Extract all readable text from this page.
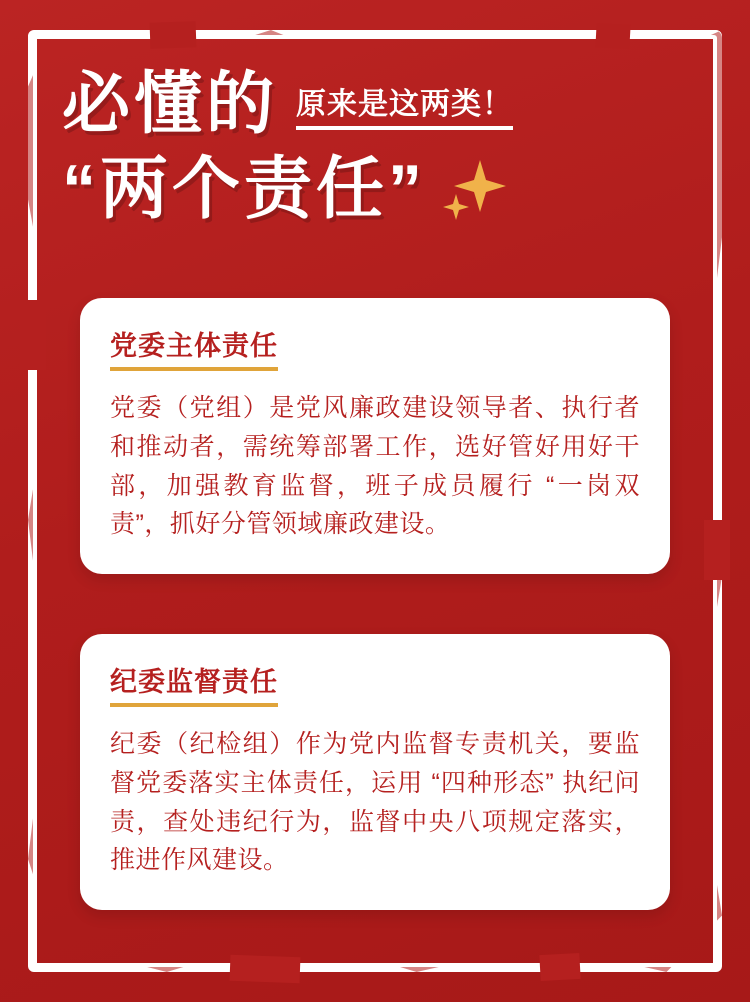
必懂的 原来是这两类！
“两个责任”
党委主体责任
党委（党组）是党风廉政建设领导者、执行者和推动者，需统筹部署工作，选好管好用好干部，加强教育监督，班子成员履行 “一岗双责”，抓好分管领域廉政建设。
纪委监督责任
纪委（纪检组）作为党内监督专责机关，要监督党委落实主体责任，运用 “四种形态” 执纪问责，查处违纪行为，监督中央八项规定落实，推进作风建设。
